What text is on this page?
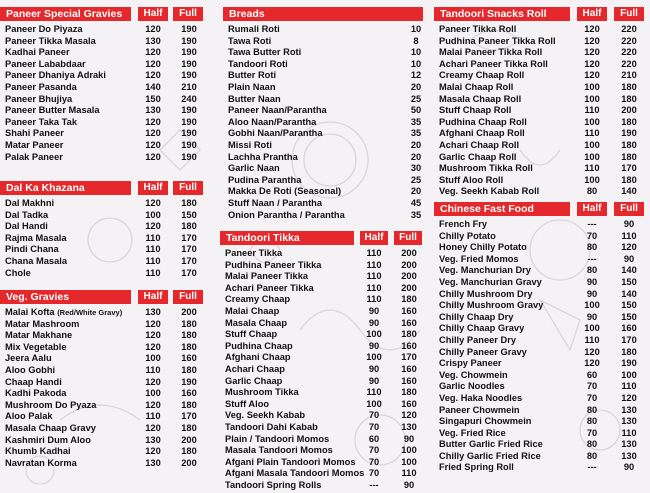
Paneer Special Gravies	Half	Full
Paneer Do Piyaza	120	190
Paneer Tikka Masala	130	190
Kadhai Paneer	120	190
Paneer Lababdaar	120	190
Paneer Dhaniya Adraki	120	190
Paneer Pasanda	140	210
Paneer Bhujiya	150	240
Paneer Butter Masala	130	190
Paneer Taka Tak	120	190
Shahi Paneer	120	190
Matar Paneer	120	190
Palak Paneer	120	190
Dal Ka Khazana	Half	Full
Dal Makhni	120	180
Dal Tadka	100	150
Dal Handi	120	180
Rajma Masala	110	170
Pindi Chana	110	170
Chana Masala	110	170
Chole	110	170
Veg. Gravies	Half	Full
Malai Kofta (Red/White Gravy)	130	200
Matar Mashroom	120	180
Matar Makhane	120	180
Mix Vegetable	120	180
Jeera Aalu	100	160
Aloo Gobhi	110	180
Chaap Handi	120	190
Kadhi Pakoda	100	160
Mushroom Do Pyaza	120	180
Aloo Palak	110	170
Masala Chaap Gravy	120	180
Kashmiri Dum Aloo	130	200
Khumb Kadhai	120	180
Navratan Korma	130	200
Breads
Rumali Roti	10
Tawa Roti	8
Tawa Butter Roti	10
Tandoori Roti	10
Butter Roti	12
Plain Naan	20
Butter Naan	25
Paneer Naan/Parantha	50
Aloo Naan/Parantha	35
Gobhi Naan/Parantha	35
Missi Roti	20
Lachha Prantha	20
Garlic Naan	30
Pudina Parantha	25
Makka De Roti (Seasonal)	20
Stuff Naan / Parantha	45
Onion Parantha / Parantha	35
Tandoori Tikka	Half	Full
Paneer Tikka	110	200
Pudhina Paneer Tikka	110	200
Malai Paneer Tikka	110	200
Achari Paneer Tikka	110	200
Creamy Chaap	110	180
Malai Chaap	90	160
Masala Chaap	90	160
Stuff Chaap	100	180
Pudhina Chaap	90	160
Afghani Chaap	100	170
Achari Chaap	90	160
Garlic Chaap	90	160
Mushroom Tikka	110	180
Stuff Aloo	100	160
Veg. Seekh Kabab	70	120
Tandoori Dahi Kabab	70	130
Plain / Tandoori Momos	60	90
Masala Tandoori Momos	70	100
Afgani Plain Tandoori Momos	70	100
Afgani Masala Tandoori Momos 70	110
Tandoori Spring Rolls	---	90
Tandoori Snacks Roll	Half	Full
Paneer Tikka Roll	120	220
Pudhina Paneer Tikka Roll	120	220
Malai Paneer Tikka Roll	120	220
Achari Paneer Tikka Roll	120	220
Creamy Chaap Roll	120	210
Malai Chaap Roll	100	180
Masala Chaap Roll	100	180
Stuff Chaap Roll	110	200
Pudhina Chaap Roll	100	180
Afghani Chaap Roll	110	190
Achari Chaap Roll	100	180
Garlic Chaap Roll	100	180
Mushroom Tikka Roll	110	170
Stuff Aloo Roll	100	180
Veg. Seekh Kabab Roll	80	140
Chinese Fast Food	Half	Full
French Fry	---	90
Chilly Potato	70	110
Honey Chilly Potato	80	120
Veg. Fried Momos	---	90
Veg. Manchurian Dry	80	140
Veg. Manchurian Gravy	90	150
Chilly Mushroom Dry	90	140
Chilly Mushroom Gravy	100	150
Chilly Chaap Dry	90	150
Chilly Chaap Gravy	100	160
Chilly Paneer Dry	110	170
Chilly Paneer Gravy	120	180
Crispy Paneer	120	190
Veg. Chowmein	60	100
Garlic Noodles	70	110
Veg. Haka Noodles	70	120
Paneer Chowmein	80	130
Singapuri Chowmein	80	130
Veg. Fried Rice	70	110
Butter Garlic Fried Rice	80	130
Chilly Garlic Fried Rice	80	130
Fried Spring Roll	---	90
